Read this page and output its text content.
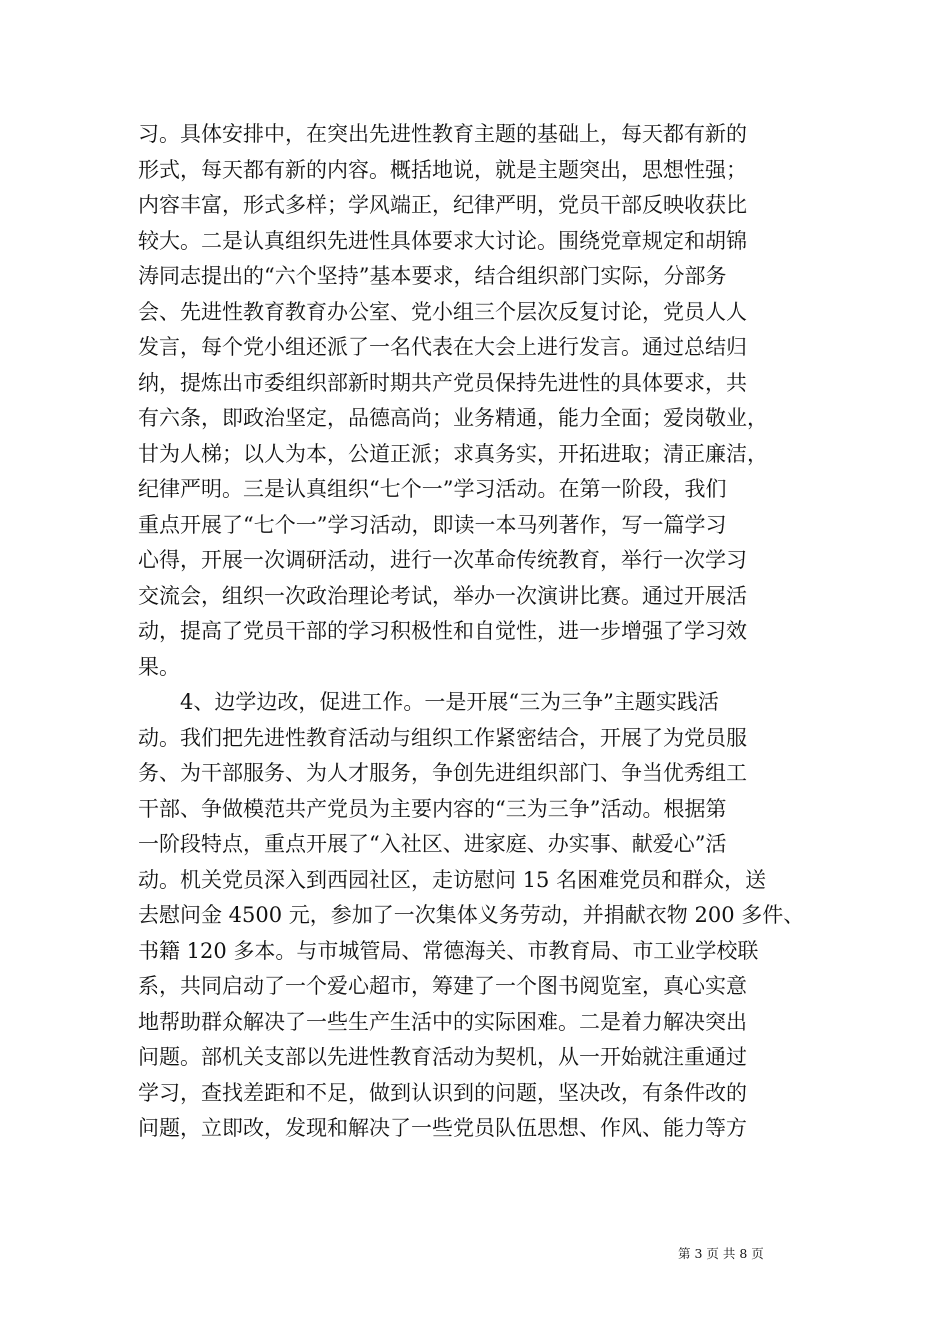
习。具体安排中，在突出先进性教育主题的基础上，每天都有新的
形式，每天都有新的内容。概括地说，就是主题突出，思想性强；
内容丰富，形式多样；学风端正，纪律严明，党员干部反映收获比
较大。二是认真组织先进性具体要求大讨论。围绕党章规定和胡锦
涛同志提出的“六个坚持”基本要求，结合组织部门实际，分部务
会、先进性教育教育办公室、党小组三个层次反复讨论，党员人人
发言，每个党小组还派了一名代表在大会上进行发言。通过总结归
纳，提炼出市委组织部新时期共产党员保持先进性的具体要求，共
有六条，即政治坚定，品德高尚；业务精通，能力全面；爱岗敬业，
甘为人梯；以人为本，公道正派；求真务实，开拓进取；清正廉洁，
纪律严明。三是认真组织“七个一”学习活动。在第一阶段，我们
重点开展了“七个一”学习活动，即读一本马列著作，写一篇学习
心得，开展一次调研活动，进行一次革命传统教育，举行一次学习
交流会，组织一次政治理论考试，举办一次演讲比赛。通过开展活
动，提高了党员干部的学习积极性和自觉性，进一步增强了学习效
果。
4、边学边改，促进工作。一是开展“三为三争”主题实践活
动。我们把先进性教育活动与组织工作紧密结合，开展了为党员服
务、为干部服务、为人才服务，争创先进组织部门、争当优秀组工
干部、争做模范共产党员为主要内容的“三为三争”活动。根据第
一阶段特点，重点开展了“入社区、进家庭、办实事、献爱心”活
动。机关党员深入到西园社区，走访慰问 15 名困难党员和群众，送
去慰问金 4500 元，参加了一次集体义务劳动，并捐献衣物 200 多件、
书籍 120 多本。与市城管局、常德海关、市教育局、市工业学校联
系，共同启动了一个爱心超市，筹建了一个图书阅览室，真心实意
地帮助群众解决了一些生产生活中的实际困难。二是着力解决突出
问题。部机关支部以先进性教育活动为契机，从一开始就注重通过
学习，查找差距和不足，做到认识到的问题，坚决改，有条件改的
问题，立即改，发现和解决了一些党员队伍思想、作风、能力等方
第 3 页 共 8 页
